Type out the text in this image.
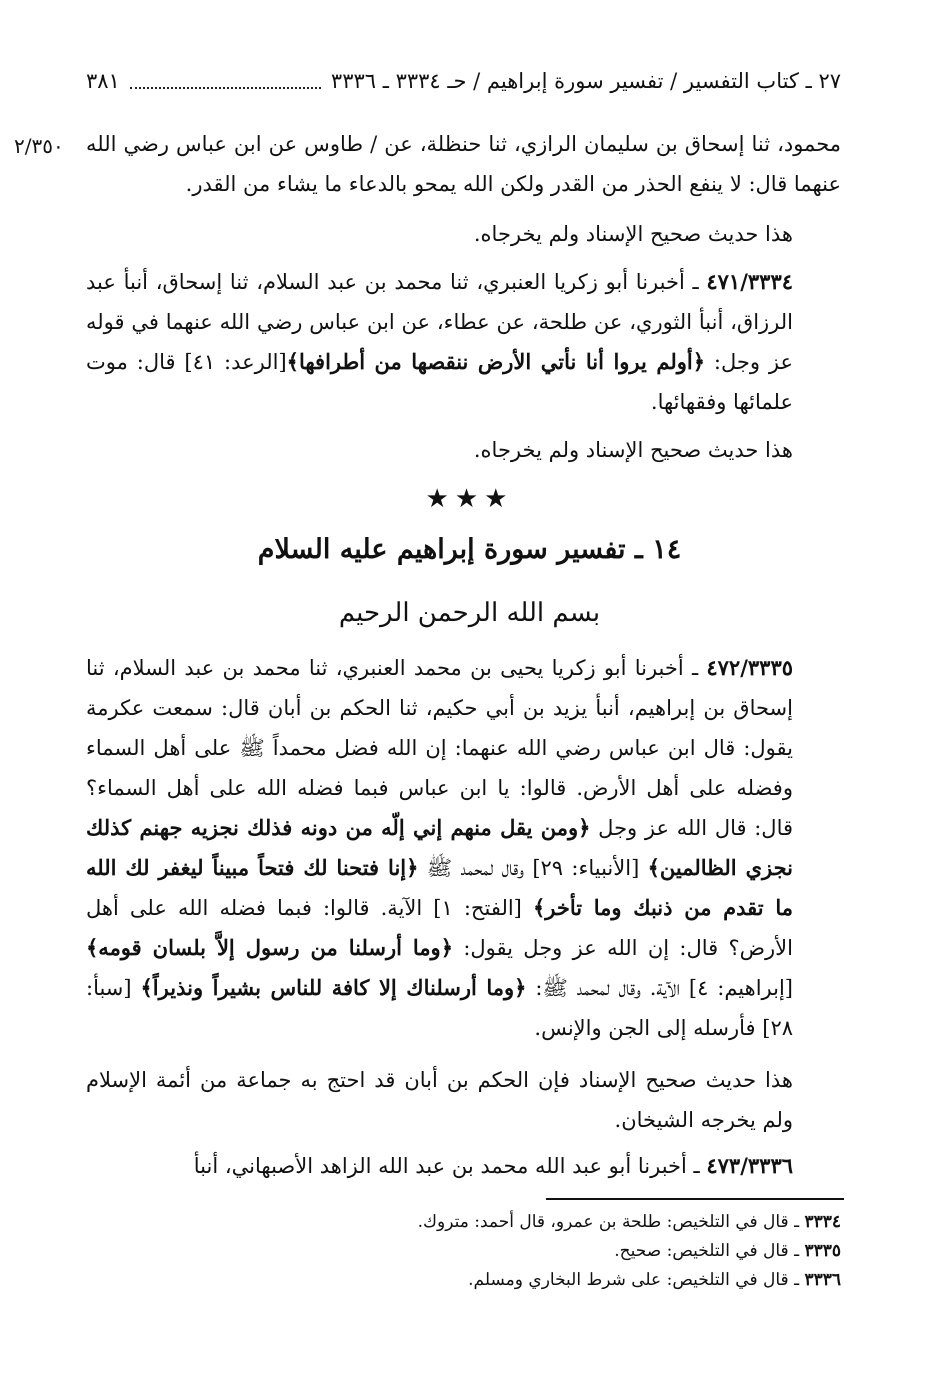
٢٧ ـ كتاب التفسير / تفسير سورة إبراهيم / حـ ٣٣٣٤ ـ ٣٣٣٦
٣٨١
٢/٣٥٠ محمود، ثنا إسحاق بن سليمان الرازي، ثنا حنظلة، عن / طاوس عن ابن عباس رضي الله عنهما قال: لا ينفع الحذر من القدر ولكن الله يمحو بالدعاء ما يشاء من القدر.

هذا حديث صحيح الإسناد ولم يخرجاه.

٤٧١/٣٣٣٤ ـ أخبرنا أبو زكريا العنبري، ثنا محمد بن عبد السلام، ثنا إسحاق، أنبأ عبد الرزاق، أنبأ الثوري، عن طلحة، عن عطاء، عن ابن عباس رضي الله عنهما في قوله عز وجل: ﴿أولم يروا أنا نأتي الأرض ننقصها من أطرافها﴾[الرعد: ٤١] قال: موت علمائها وفقهائها.

هذا حديث صحيح الإسناد ولم يخرجاه.

★★★
١٤ ـ تفسير سورة إبراهيم عليه السلام
بسم الله الرحمن الرحيم

٤٧٢/٣٣٣٥ ـ أخبرنا أبو زكريا يحيى بن محمد العنبري، ثنا محمد بن عبد السلام، ثنا إسحاق بن إبراهيم، أنبأ يزيد بن أبي حكيم، ثنا الحكم بن أبان قال: سمعت عكرمة يقول: قال ابن عباس رضي الله عنهما: إن الله فضل محمداً ﷺ على أهل السماء وفضله على أهل الأرض. قالوا: يا ابن عباس فبما فضله الله على أهل السماء؟ قال: قال الله عز وجل ﴿ومن يقل منهم إني إلّه من دونه فذلك نجزيه جهنم كذلك نجزي الظالمين﴾ [الأنبياء: ٢٩] وقال لمحمد ﷺ ﴿إنا فتحنا لك فتحاً مبيناً ليغفر لك الله ما تقدم من ذنبك وما تأخر﴾ [الفتح: ١] الآية. قالوا: فبما فضله الله على أهل الأرض؟ قال: إن الله عز وجل يقول: ﴿وما أرسلنا من رسول إلاَّ بلسان قومه﴾ [إبراهيم: ٤] الآية. وقال لمحمد ﷺ: ﴿وما أرسلناك إلا كافة للناس بشيراً ونذيراً﴾ [سبأ: ٢٨] فأرسله إلى الجن والإنس.

هذا حديث صحيح الإسناد فإن الحكم بن أبان قد احتج به جماعة من أئمة الإسلام ولم يخرجه الشيخان.

٤٧٣/٣٣٣٦ ـ أخبرنا أبو عبد الله محمد بن عبد الله الزاهد الأصبهاني، أنبأ

٣٣٣٤ ـ قال في التلخيص: طلحة بن عمرو، قال أحمد: متروك.

٣٣٣٥ ـ قال في التلخيص: صحيح.

٣٣٣٦ ـ قال في التلخيص: على شرط البخاري ومسلم.
